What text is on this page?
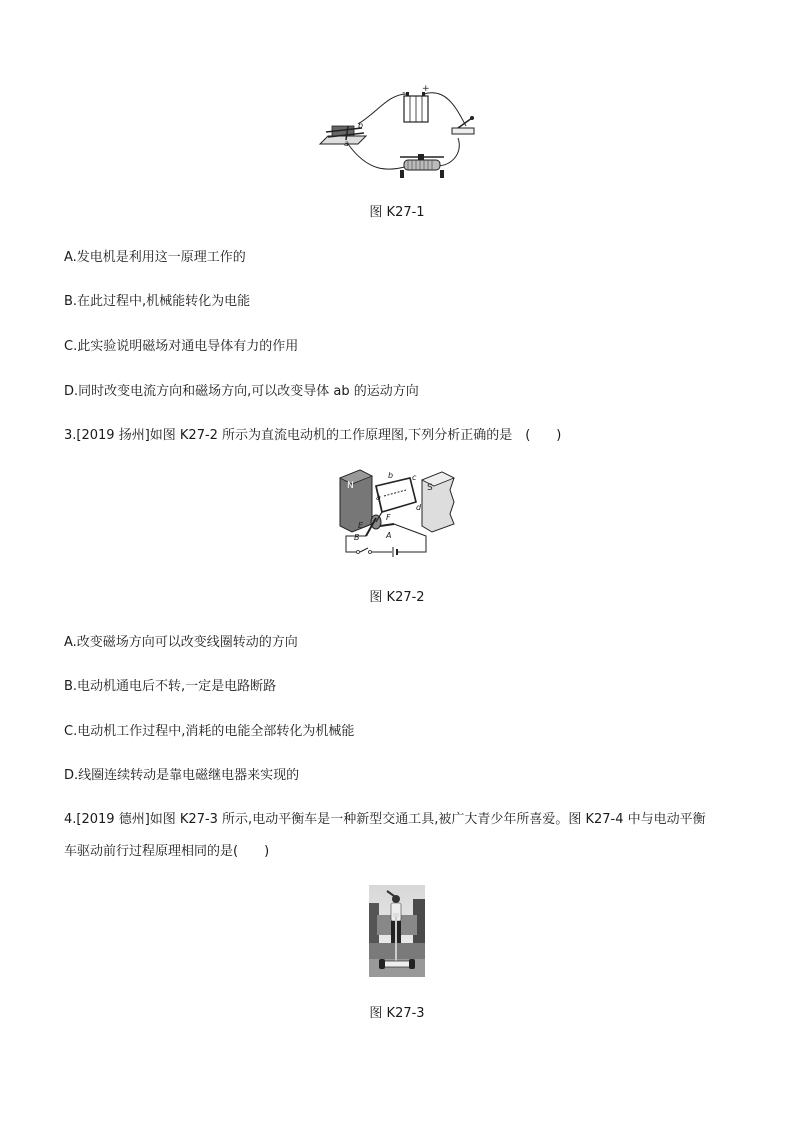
+
-
b
a
图 K27-1
A.发电机是利用这一原理工作的
B.在此过程中,机械能转化为电能
C.此实验说明磁场对通电导体有力的作用
D.同时改变电流方向和磁场方向,可以改变导体 ab 的运动方向
3.[2019 扬州]如图 K27-2 所示为直流电动机的工作原理图,下列分析正确的是　(　　)
N	S
a
b c
d
E
F
B	A
图 K27-2
A.改变磁场方向可以改变线圈转动的方向
B.电动机通电后不转,一定是电路断路
C.电动机工作过程中,消耗的电能全部转化为机械能
D.线圈连续转动是靠电磁继电器来实现的
4.[2019 德州]如图 K27-3 所示,电动平衡车是一种新型交通工具,被广大青少年所喜爱。图 K27-4 中与电动平衡
车驱动前行过程原理相同的是(　　)
图 K27-3
